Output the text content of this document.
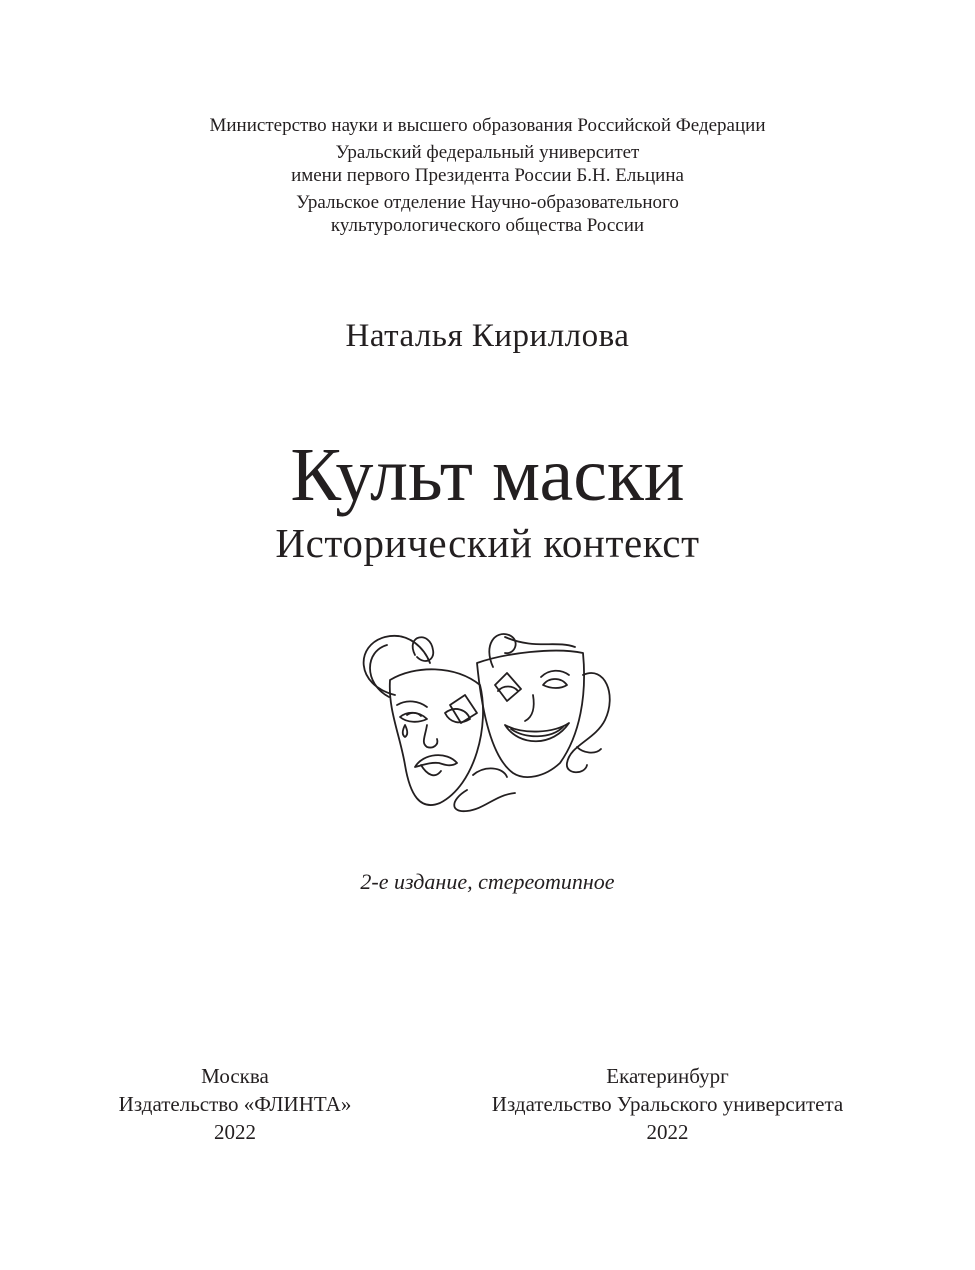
Министерство науки и высшего образования Российской Федерации
Уральский федеральный университет
имени первого Президента России Б.Н. Ельцина
Уральское отделение Научно-образовательного
культурологического общества России
Наталья Кириллова
Культ маски
Исторический контекст
2-е издание, стереотипное
Москва
Издательство «ФЛИНТА»
2022
Екатеринбург
Издательство Уральского университета
2022
